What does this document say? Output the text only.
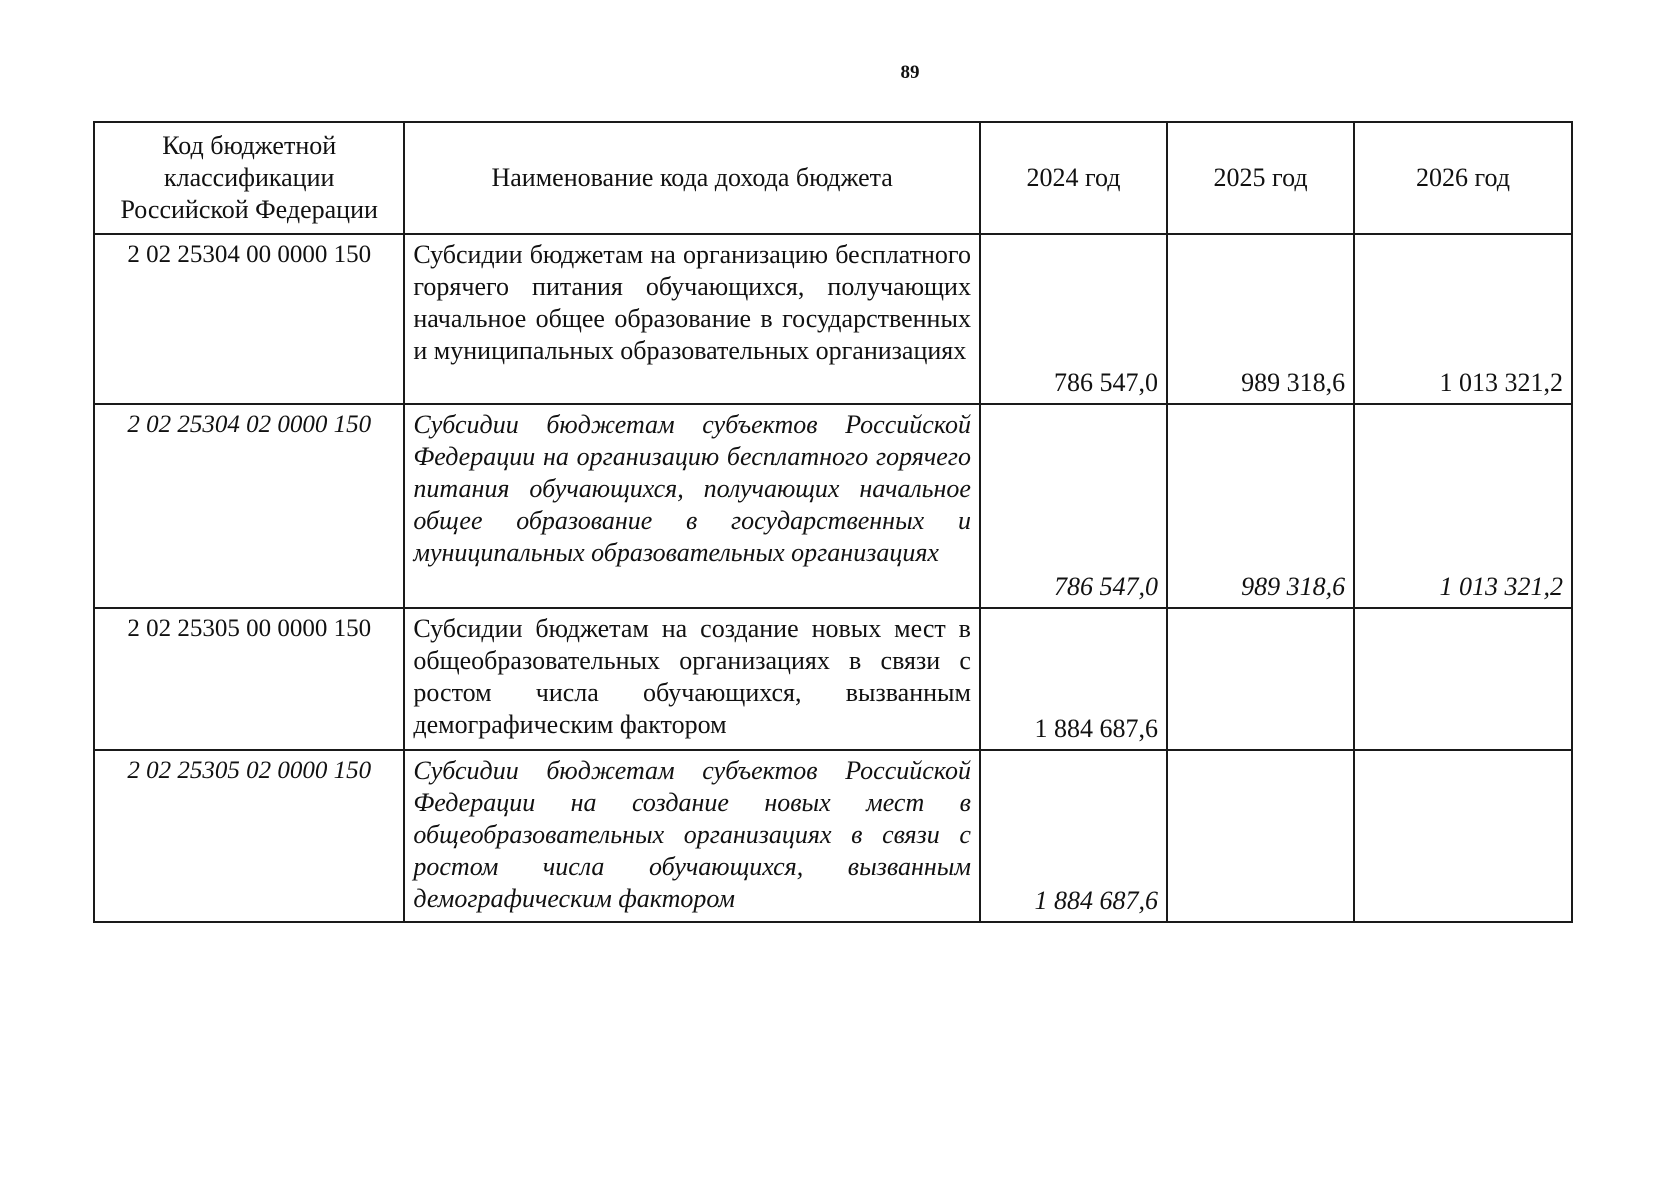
89
Код бюджетной
классификации
Российской Федерации	Наименование кода дохода бюджета	2024 год	2025 год	2026 год
2 02 25304 00 0000 150	Субсидии бюджетам на организацию бесплатного горячего питания обучающихся, получающих начальное общее образование в государственных и муниципальных образовательных организациях	786 547,0	989 318,6	1 013 321,2
2 02 25304 02 0000 150	Субсидии бюджетам субъектов Российской Федерации на организацию бесплатного горячего питания обучающихся, получающих начальное общее образование в государственных и муниципальных образовательных организациях	786 547,0	989 318,6	1 013 321,2
2 02 25305 00 0000 150	Субсидии бюджетам на создание новых мест в общеобразовательных организациях в связи с ростом числа обучающихся, вызванным демографическим фактором	1 884 687,6		
2 02 25305 02 0000 150	Субсидии бюджетам субъектов Российской Федерации на создание новых мест в общеобразовательных организациях в связи с ростом числа обучающихся, вызванным демографическим фактором	1 884 687,6		
